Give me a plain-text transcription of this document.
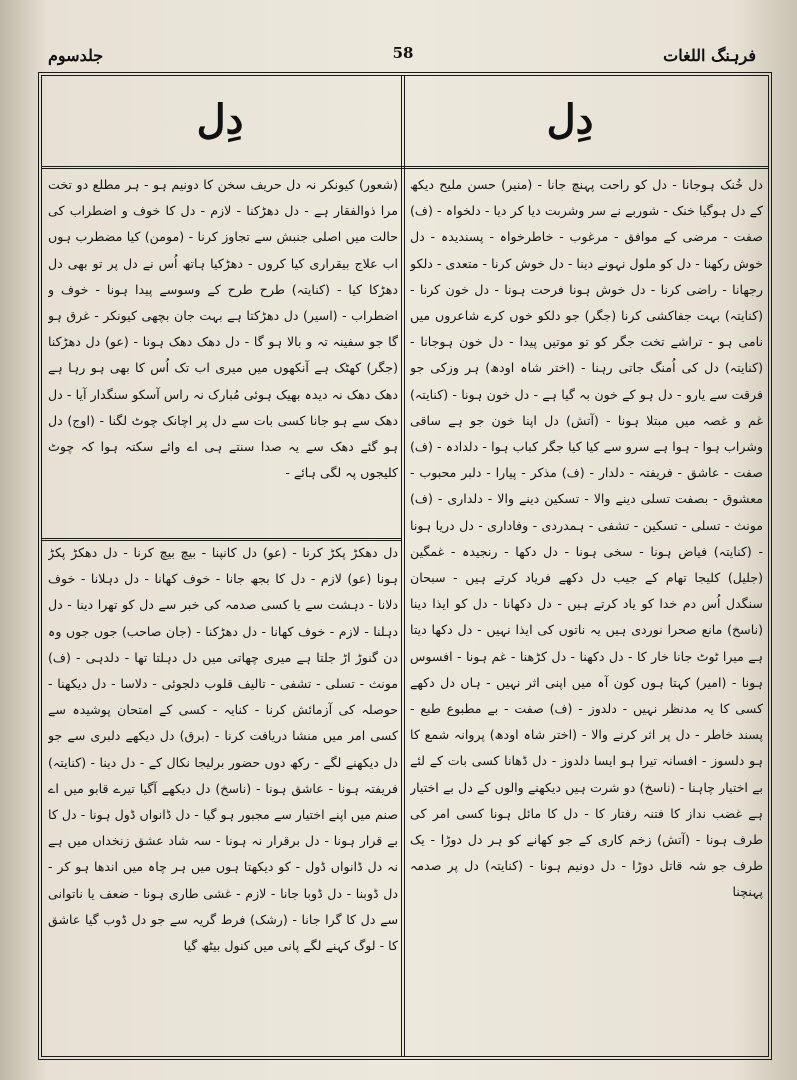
جلدسوم	58	فرہنگ اللغات
دِل	دِل

دل خُنک ہوجانا - دل کو راحت پہنچ جانا - (منیر) حسن ملیح دیکھ کے دل ہوگیا خنک - شوربے نے سر وشربت دیا کر دیا - دلخواہ - (ف) صفت - مرضی کے موافق - مرغوب - خاطرخواہ - پسندیدہ - دل خوش رکھنا - دل کو ملول نہونے دینا - دل خوش کرنا - متعدی - دلکو رجھانا - راضی کرنا - دل خوش ہونا فرحت ہونا - دل خون کرنا - (کنایتہ) بہت جفاکشی کرنا (جگر) جو دلکو خوں کرے شاعروں میں نامی ہو - تراشے تخت جگر کو تو موتیں پیدا - دل خون ہوجانا - (کنایتہ) دل کی اُمنگ جاتی رہنا - (اختر شاہ اودھ) ہر وزکی جو فرقت سے یارو - دل ہو کے خون بہ گیا ہے - دل خون ہونا - (کنایتہ) غم و غصہ میں مبتلا ہونا - (آتش) دل اپنا خون جو ہے ساقی وشراب ہوا - ہوا ہے سرو سے کیا کیا جگر کباب ہوا - دلدادہ - (ف) صفت - عاشق - فریفتہ - دلدار - (ف) مذکر - پیارا - دلبر محبوب - معشوق - بصفت تسلی دینے والا - تسکین دینے والا - دلداری - (ف) مونث - تسلی - تسکین - تشفی - ہمدردی - وفاداری - دل دریا ہونا - (کنایتہ) فیاض ہونا - سخی ہونا - دل دکھا - رنجیدہ - غمگین (جلیل) کلیجا تھام کے جیب دل دکھے فریاد کرتے ہیں - سبحان سنگدل اُس دم خدا کو یاد کرتے ہیں - دل دکھانا - دل کو ایذا دینا (ناسخ) مانع صحرا نوردی ہیں یہ ناتوں کی ایذا نہیں - دل دکھا دیتا ہے میرا ٹوٹ جانا خار کا - دل دکھنا - دل کڑھنا - غم ہونا - افسوس ہونا - (امیر) کہتا ہوں کون آہ میں اپنی اثر نہیں - ہاں دل دکھے کسی کا یہ مدنظر نہیں - دلدوز - (ف) صفت - بے مطبوع طبع - پسند خاطر - دل پر اثر کرنے والا - (اختر شاہ اودھ) پروانہ شمع کا ہو دلسوز - افسانہ تیرا ہو ایسا دلدوز - دل ڈھانا کسی بات کے لئے بے اختیار چاہنا - (ناسخ) دو شرت ہیں دیکھنے والوں کے دل بے اختیار ہے غضب نداز کا فتنہ رفتار کا - دل کا مائل ہونا کسی امر کی طرف ہونا - (آتش) زخم کاری کے جو کھانے کو ہر دل دوڑا - یک طرف جو شہ قاتل دوڑا - دل دونیم ہونا - (کنایتہ) دل پر صدمہ پہنچنا

(شعور) کیونکر نہ دل حریف سخن کا دونیم ہو - ہر مطلع دو تخت مرا ذوالفقار ہے - دل دھڑکنا - لازم - دل کا خوف و اضطراب کی حالت میں اصلی جنبش سے تجاوز کرنا - (مومن) کیا مضطرب ہوں اب علاج بیقراری کیا کروں - دھڑکیا ہاتھ اُس نے دل پر تو بھی دل دھڑکا کیا - (کنایتہ) طرح طرح کے وسوسے پیدا ہونا - خوف و اضطراب - (اسیر) دل دھڑکتا ہے بہت جان بچھی کیونکر - غرق ہو گا جو سفینہ تہ و بالا ہو گا - دل دھک دھک ہونا - (عو) دل دھڑکنا (جگر) کھٹک ہے آنکھوں میں میری اب تک اُس کا بھی ہو رہا ہے دھک دھک نہ دیدہ بھیک ہوئی مُبارک نہ راس آسکو سنگدار آیا - دل دھک سے ہو جانا کسی بات سے دل پر اچانک چوٹ لگنا - (اوج) دل ہو گئے دھک سے یہ صدا سنتے ہی اے وائے سکتہ ہوا کہ چوٹ کلیجوں پہ لگی ہائے -

دل دھکڑ پکڑ کرنا - (عو) دل کانپنا - بیچ بیچ کرنا - دل دھکڑ پکڑ ہونا (عو) لازم - دل کا بجھ جانا - خوف کھانا - دل دہلانا - خوف دلانا - دہشت سے یا کسی صدمہ کی خبر سے دل کو تھرا دینا - دل دہلنا - لازم - خوف کھانا - دل دھڑکنا - (جان صاحب) جوں جوں وہ دن گنوڑ اڑ جلتا ہے میری چھاتی میں دل دہلتا تھا - دلدہی - (ف) مونث - تسلی - تشفی - تالیف قلوب دلجوئی - دلاسا - دل دیکھنا - حوصلہ کی آزمائش کرنا - کنایہ - کسی کے امتحان پوشیدہ سے کسی امر میں منشا دریافت کرنا - (برق) دل دیکھے دلبری سے جو دل دیکھنے لگے - رکھ دوں حضور برلیجا نکال کے - دل دینا - (کنایتہ) فریفتہ ہونا - عاشق ہونا - (ناسخ) دل دیکھے آگیا تیرے قابو میں اے صنم میں اپنے اختیار سے مجبور ہو گیا - دل ڈانواں ڈول ہونا - دل کا بے قرار ہونا - دل برقرار نہ ہونا - سہ شاد عشق زنخداں میں ہے نہ دل ڈانواں ڈول - کو دیکھتا ہوں میں ہر چاہ میں اندھا ہو کر - دل ڈوبنا - دل ڈوبا جانا - لازم - غشی طاری ہونا - ضعف یا ناتوانی سے دل کا گرا جانا - (رشک) فرط گریہ سے جو دل ڈوب گیا عاشق کا - لوگ کہنے لگے پانی میں کنول بیٹھ گیا
